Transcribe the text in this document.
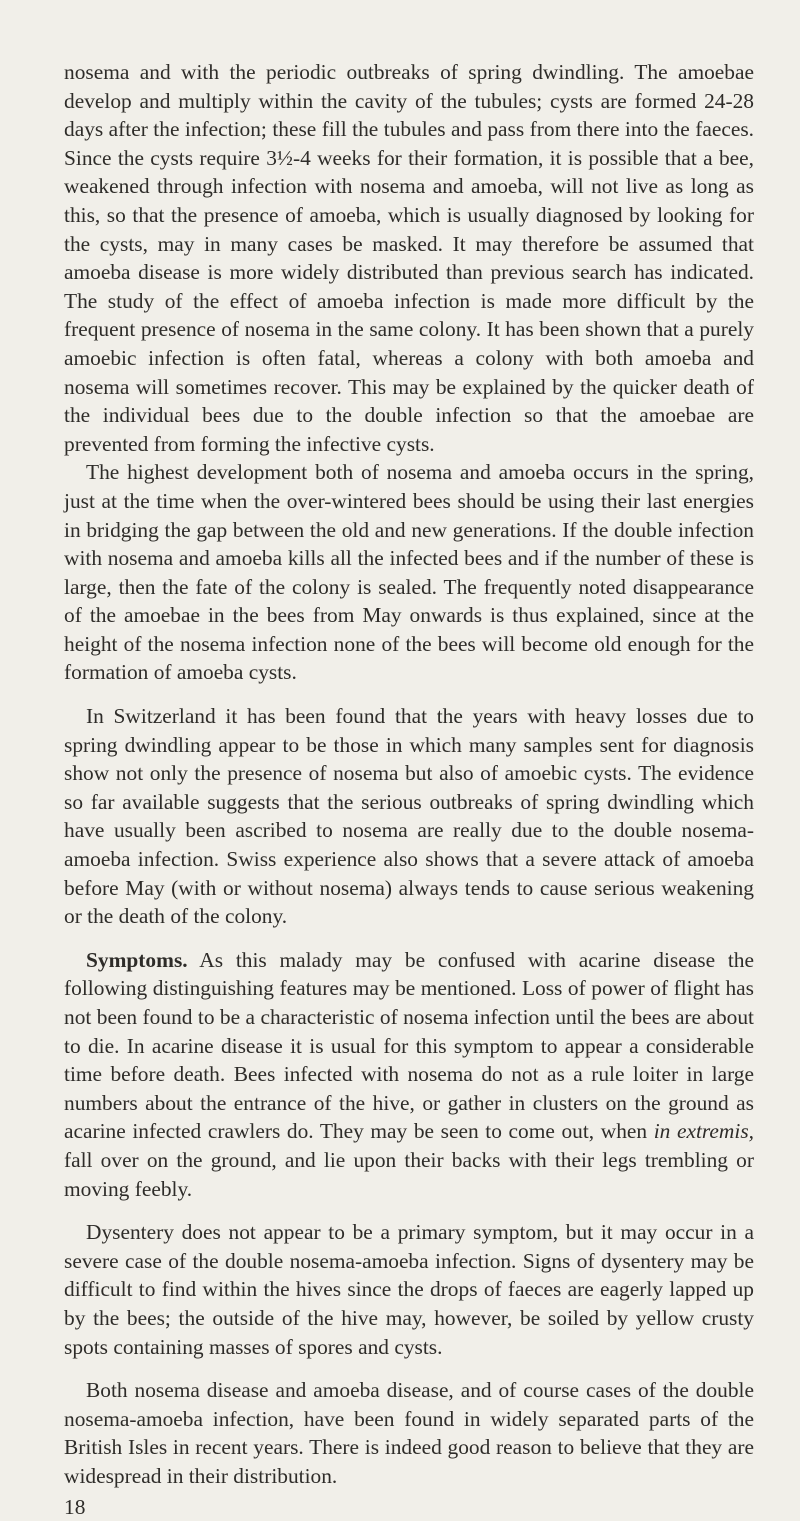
nosema and with the periodic outbreaks of spring dwindling. The amoebae develop and multiply within the cavity of the tubules; cysts are formed 24-28 days after the infection; these fill the tubules and pass from there into the faeces. Since the cysts require 3½-4 weeks for their formation, it is possible that a bee, weakened through infection with nosema and amoeba, will not live as long as this, so that the presence of amoeba, which is usually diagnosed by looking for the cysts, may in many cases be masked. It may therefore be assumed that amoeba disease is more widely distributed than previous search has indicated. The study of the effect of amoeba infection is made more difficult by the frequent presence of nosema in the same colony. It has been shown that a purely amoebic infection is often fatal, whereas a colony with both amoeba and nosema will sometimes recover. This may be explained by the quicker death of the individual bees due to the double infection so that the amoebae are prevented from forming the infective cysts.

The highest development both of nosema and amoeba occurs in the spring, just at the time when the over-wintered bees should be using their last energies in bridging the gap between the old and new generations. If the double infection with nosema and amoeba kills all the infected bees and if the number of these is large, then the fate of the colony is sealed. The frequently noted disappearance of the amoebae in the bees from May onwards is thus explained, since at the height of the nosema infection none of the bees will become old enough for the formation of amoeba cysts.

In Switzerland it has been found that the years with heavy losses due to spring dwindling appear to be those in which many samples sent for diagnosis show not only the presence of nosema but also of amoebic cysts. The evidence so far available suggests that the serious outbreaks of spring dwindling which have usually been ascribed to nosema are really due to the double nosema-amoeba infection. Swiss experience also shows that a severe attack of amoeba before May (with or without nosema) always tends to cause serious weakening or the death of the colony.

Symptoms. As this malady may be confused with acarine disease the following distinguishing features may be mentioned. Loss of power of flight has not been found to be a characteristic of nosema infection until the bees are about to die. In acarine disease it is usual for this symptom to appear a considerable time before death. Bees infected with nosema do not as a rule loiter in large numbers about the entrance of the hive, or gather in clusters on the ground as acarine infected crawlers do. They may be seen to come out, when in extremis, fall over on the ground, and lie upon their backs with their legs trembling or moving feebly.

Dysentery does not appear to be a primary symptom, but it may occur in a severe case of the double nosema-amoeba infection. Signs of dysentery may be difficult to find within the hives since the drops of faeces are eagerly lapped up by the bees; the outside of the hive may, however, be soiled by yellow crusty spots containing masses of spores and cysts.

Both nosema disease and amoeba disease, and of course cases of the double nosema-amoeba infection, have been found in widely separated parts of the British Isles in recent years. There is indeed good reason to believe that they are widespread in their distribution.

18
